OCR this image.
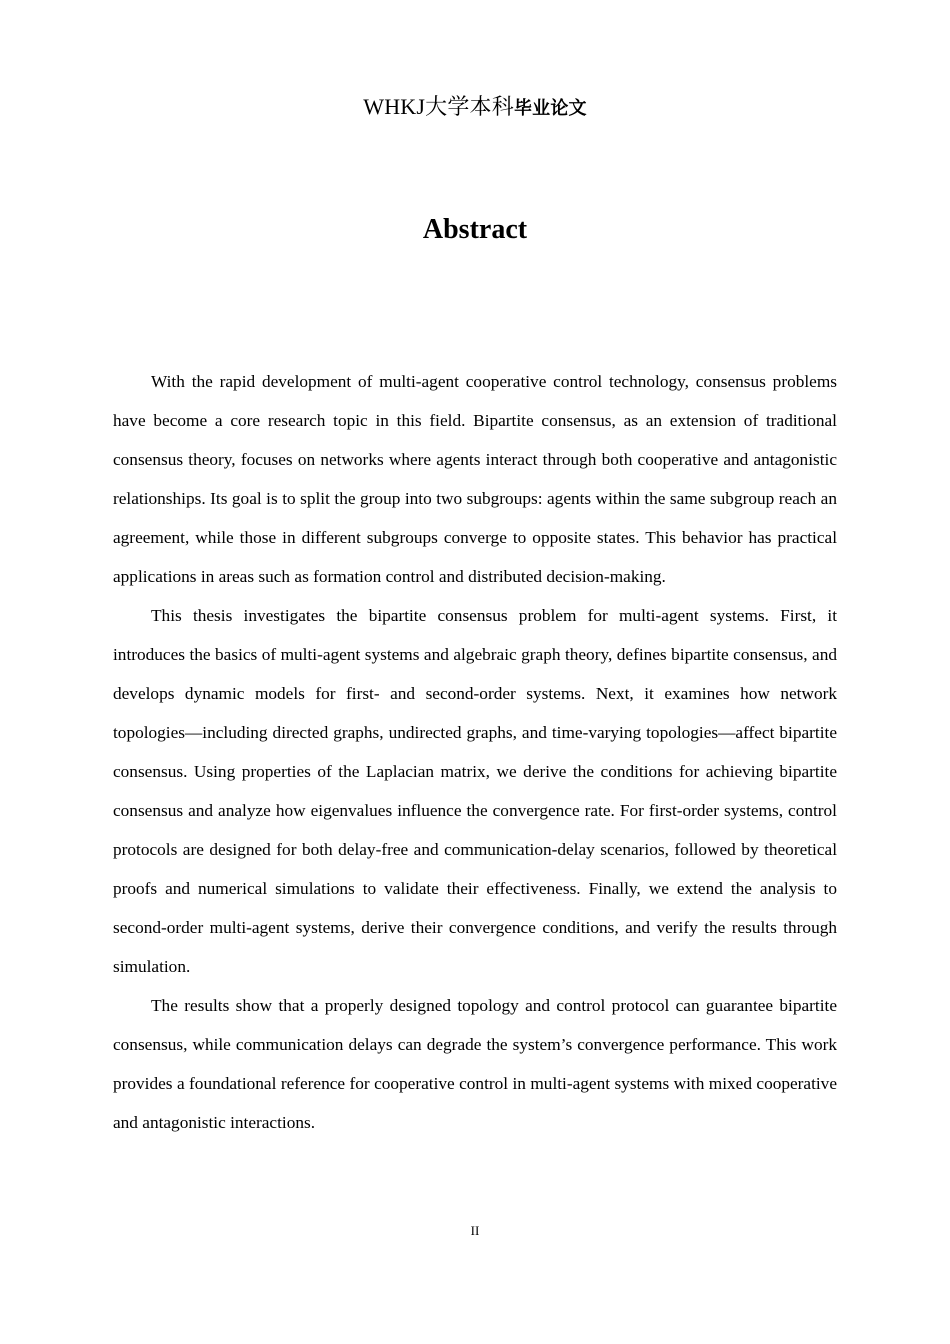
WHKJ大学本科毕业论文
Abstract

With the rapid development of multi-agent cooperative control technology, consensus problems have become a core research topic in this field. Bipartite consensus, as an extension of traditional consensus theory, focuses on networks where agents interact through both cooperative and antagonistic relationships. Its goal is to split the group into two subgroups: agents within the same subgroup reach an agreement, while those in different subgroups converge to opposite states. This behavior has practical applications in areas such as formation control and distributed decision-making.

This thesis investigates the bipartite consensus problem for multi-agent systems. First, it introduces the basics of multi-agent systems and algebraic graph theory, defines bipartite consensus, and develops dynamic models for first- and second-order systems. Next, it examines how network topologies—including directed graphs, undirected graphs, and time-varying topologies—affect bipartite consensus. Using properties of the Laplacian matrix, we derive the conditions for achieving bipartite consensus and analyze how eigenvalues influence the convergence rate. For first-order systems, control protocols are designed for both delay-free and communication-delay scenarios, followed by theoretical proofs and numerical simulations to validate their effectiveness. Finally, we extend the analysis to second-order multi-agent systems, derive their convergence conditions, and verify the results through simulation.

The results show that a properly designed topology and control protocol can guarantee bipartite consensus, while communication delays can degrade the system’s convergence performance. This work provides a foundational reference for cooperative control in multi-agent systems with mixed cooperative and antagonistic interactions.

II
